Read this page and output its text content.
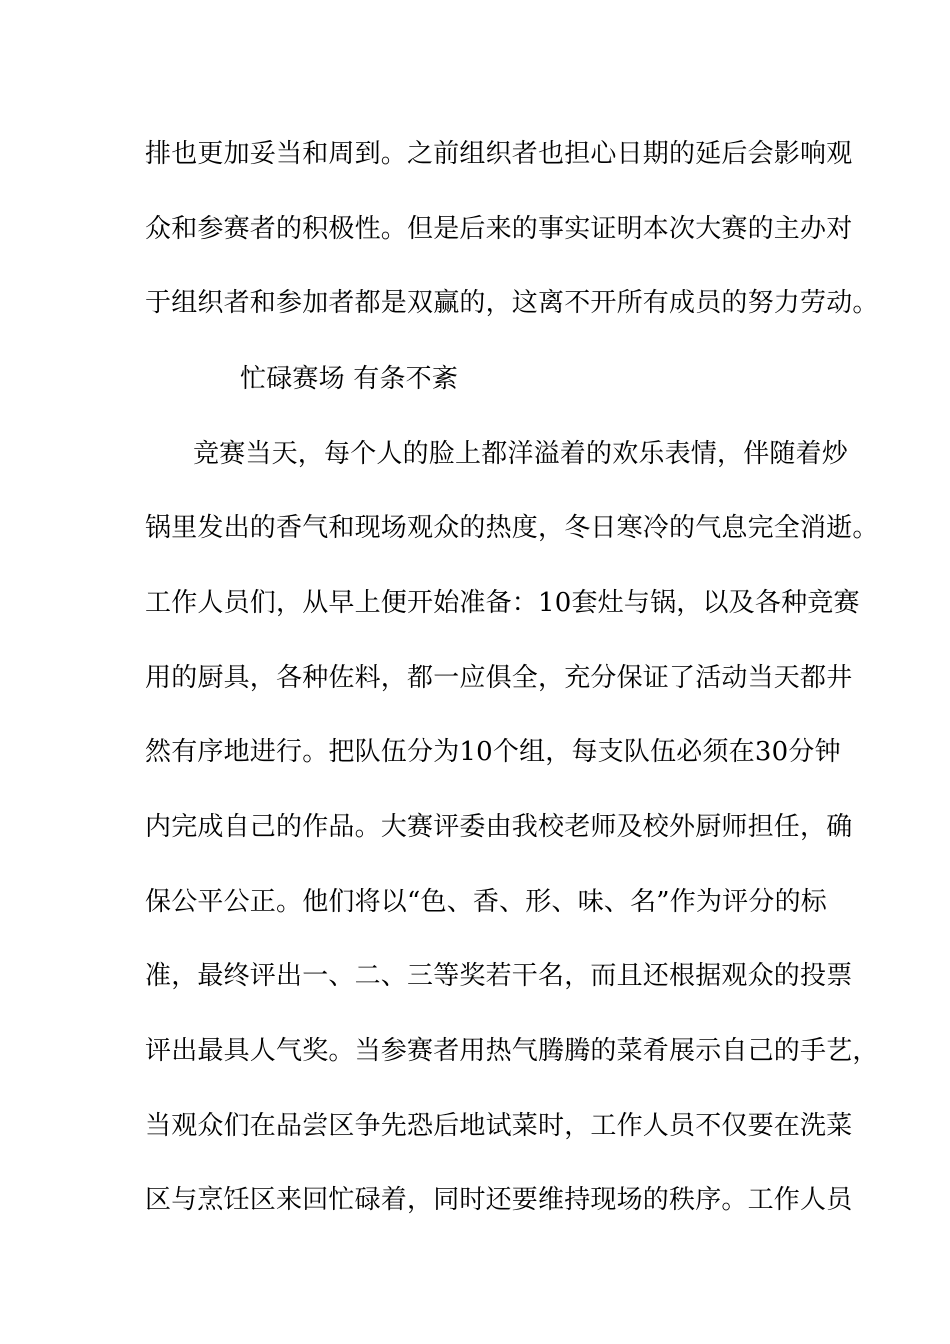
排也更加妥当和周到。之前组织者也担心日期的延后会影响观
众和参赛者的积极性。但是后来的事实证明本次大赛的主办对
于组织者和参加者都是双赢的，这离不开所有成员的努力劳动。
忙碌赛场 有条不紊
竞赛当天，每个人的脸上都洋溢着的欢乐表情，伴随着炒
锅里发出的香气和现场观众的热度，冬日寒冷的气息完全消逝。
工作人员们，从早上便开始准备：10套灶与锅，以及各种竞赛
用的厨具，各种佐料，都一应俱全，充分保证了活动当天都井
然有序地进行。把队伍分为10个组，每支队伍必须在30分钟
内完成自己的作品。大赛评委由我校老师及校外厨师担任，确
保公平公正。他们将以“色、香、形、味、名”作为评分的标
准，最终评出一、二、三等奖若干名，而且还根据观众的投票
评出最具人气奖。当参赛者用热气腾腾的菜肴展示自己的手艺，
当观众们在品尝区争先恐后地试菜时，工作人员不仅要在洗菜
区与烹饪区来回忙碌着，同时还要维持现场的秩序。工作人员
